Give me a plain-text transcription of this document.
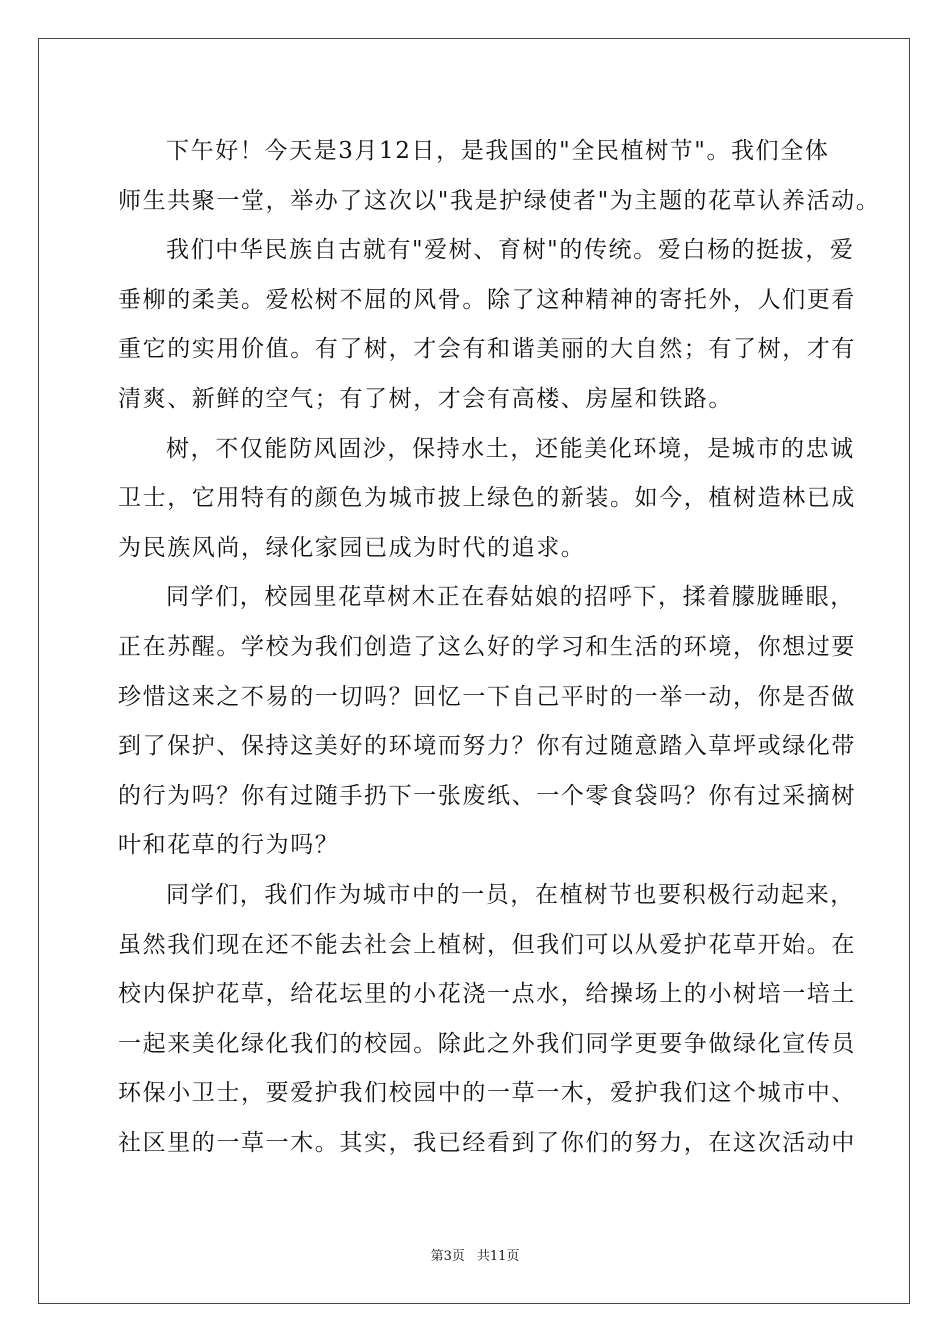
下午好！今天是3月12日，是我国的"全民植树节"。我们全体
师生共聚一堂，举办了这次以"我是护绿使者"为主题的花草认养活动。
我们中华民族自古就有"爱树、育树"的传统。爱白杨的挺拔，爱
垂柳的柔美。爱松树不屈的风骨。除了这种精神的寄托外，人们更看
重它的实用价值。有了树，才会有和谐美丽的大自然；有了树，才有
清爽、新鲜的空气；有了树，才会有高楼、房屋和铁路。
树，不仅能防风固沙，保持水土，还能美化环境，是城市的忠诚
卫士，它用特有的颜色为城市披上绿色的新装。如今，植树造林已成
为民族风尚，绿化家园已成为时代的追求。
同学们，校园里花草树木正在春姑娘的招呼下，揉着朦胧睡眼，
正在苏醒。学校为我们创造了这么好的学习和生活的环境，你想过要
珍惜这来之不易的一切吗？回忆一下自己平时的一举一动，你是否做
到了保护、保持这美好的环境而努力？你有过随意踏入草坪或绿化带
的行为吗？你有过随手扔下一张废纸、一个零食袋吗？你有过采摘树
叶和花草的行为吗？
同学们，我们作为城市中的一员，在植树节也要积极行动起来，
虽然我们现在还不能去社会上植树，但我们可以从爱护花草开始。在
校内保护花草，给花坛里的小花浇一点水，给操场上的小树培一培土
一起来美化绿化我们的校园。除此之外我们同学更要争做绿化宣传员
环保小卫士，要爱护我们校园中的一草一木，爱护我们这个城市中、
社区里的一草一木。其实，我已经看到了你们的努力，在这次活动中
第3页 共11页
